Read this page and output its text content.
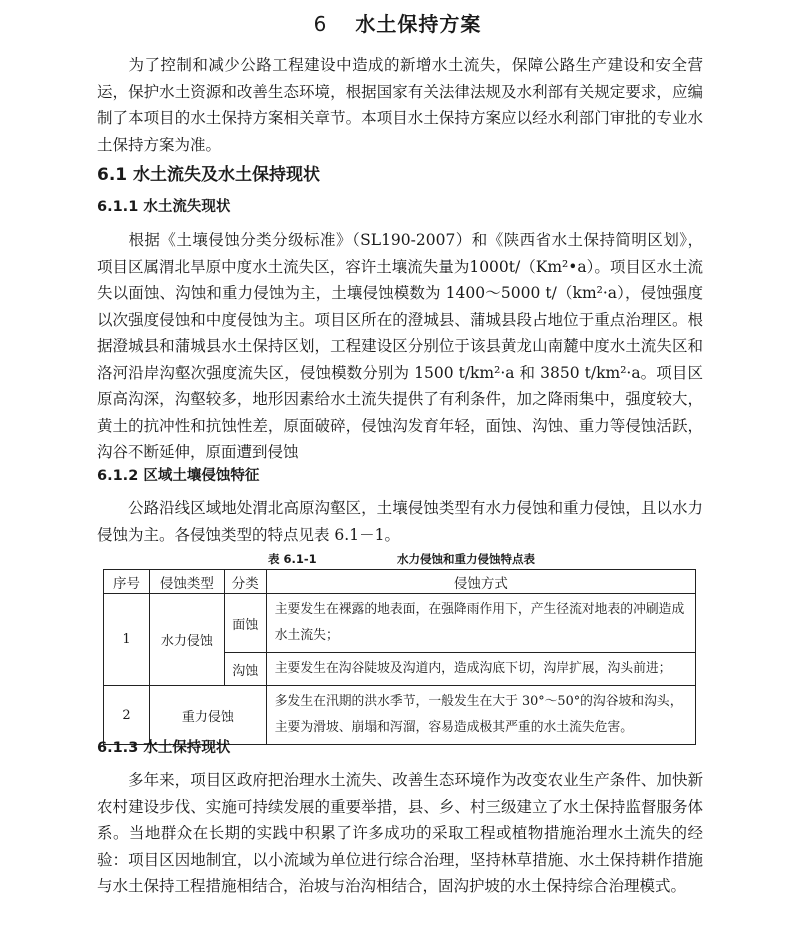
6 水土保持方案

为了控制和减少公路工程建设中造成的新增水土流失，保障公路生产建设和安全营运，保护水土资源和改善生态环境，根据国家有关法律法规及水利部有关规定要求，应编制了本项目的水土保持方案相关章节。本项目水土保持方案应以经水利部门审批的专业水土保持方案为准。

6.1 水土流失及水土保持现状
6.1.1 水土流失现状

根据《土壤侵蚀分类分级标准》（SL190-2007）和《陕西省水土保持简明区划》，项目区属渭北旱原中度水土流失区，容许土壤流失量为1000t/（Km²•a）。项目区水土流失以面蚀、沟蚀和重力侵蚀为主，土壤侵蚀模数为 1400～5000 t/（km²·a），侵蚀强度以次强度侵蚀和中度侵蚀为主。项目区所在的澄城县、蒲城县段占地位于重点治理区。根据澄城县和蒲城县水土保持区划，工程建设区分别位于该县黄龙山南麓中度水土流失区和洛河沿岸沟壑次强度流失区，侵蚀模数分别为 1500 t/km²·a 和 3850 t/km²·a。项目区原高沟深，沟壑较多，地形因素给水土流失提供了有利条件，加之降雨集中，强度较大，黄土的抗冲性和抗蚀性差，原面破碎，侵蚀沟发育年轻，面蚀、沟蚀、重力等侵蚀活跃，沟谷不断延伸，原面遭到侵蚀

6.1.2 区域土壤侵蚀特征

公路沿线区域地处渭北高原沟壑区，土壤侵蚀类型有水力侵蚀和重力侵蚀，且以水力侵蚀为主。各侵蚀类型的特点见表 6.1－1。

表 6.1-1	水力侵蚀和重力侵蚀特点表
序号	侵蚀类型	分类	侵蚀方式
1	水力侵蚀	面蚀	主要发生在裸露的地表面，在强降雨作用下，产生径流对地表的冲刷造成水土流失；
		沟蚀	主要发生在沟谷陡坡及沟道内，造成沟底下切，沟岸扩展，沟头前进；
2	重力侵蚀		多发生在汛期的洪水季节，一般发生在大于 30°～50°的沟谷坡和沟头，主要为滑坡、崩塌和泻溜，容易造成极其严重的水土流失危害。
6.1.3 水土保持现状

多年来，项目区政府把治理水土流失、改善生态环境作为改变农业生产条件、加快新农村建设步伐、实施可持续发展的重要举措，县、乡、村三级建立了水土保持监督服务体系。当地群众在长期的实践中积累了许多成功的采取工程或植物措施治理水土流失的经验：项目区因地制宜，以小流域为单位进行综合治理，坚持林草措施、水土保持耕作措施与水土保持工程措施相结合，治坡与治沟相结合，固沟护坡的水土保持综合治理模式。
